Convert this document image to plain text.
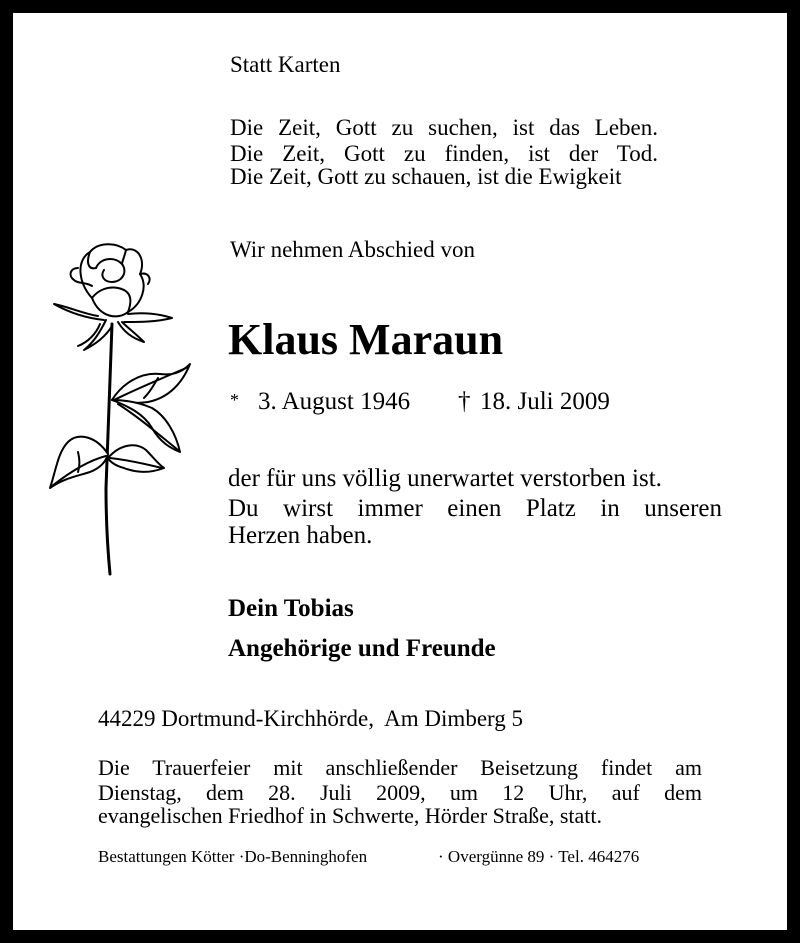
Statt Karten
Die Zeit, Gott zu suchen, ist das Leben.
Die Zeit, Gott zu finden, ist der Tod.
Die Zeit, Gott zu schauen, ist die Ewigkeit
Wir nehmen Abschied von
Klaus Maraun
* 3. August 1946 † 18. Juli 2009
der für uns völlig unerwartet verstorben ist.
Du wirst immer einen Platz in unseren
Herzen haben.
Dein Tobias
Angehörige und Freunde
44229 Dortmund-Kirchhörde,  Am Dimberg 5
Die Trauerfeier mit anschließender Beisetzung findet am
Dienstag, dem 28. Juli 2009, um 12 Uhr, auf dem
evangelischen Friedhof in Schwerte, Hörder Straße, statt.
Bestattungen Kötter ·Do-Benninghofen	· Overgünne 89 · Tel. 464276
